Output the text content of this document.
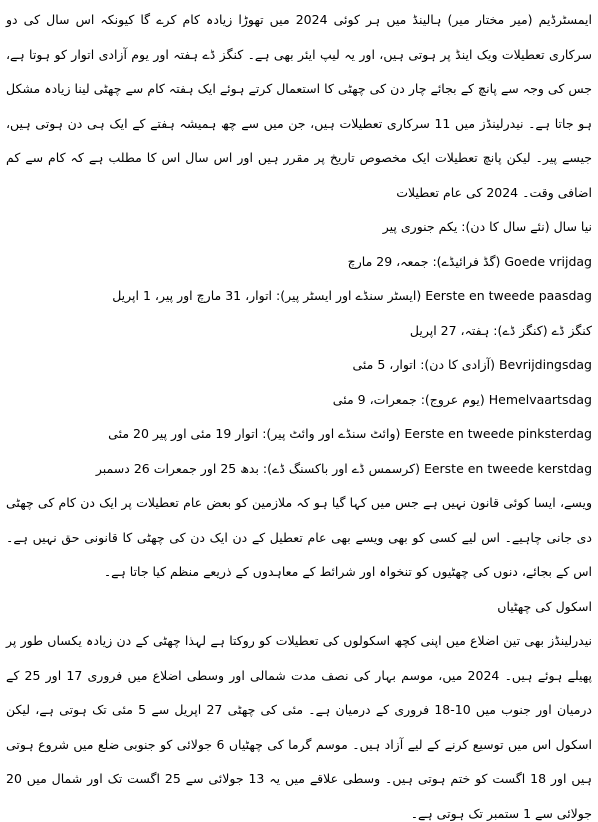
ایمسٹرڈیم (میر مختار میر) ہالینڈ میں ہر کوئی 2024 میں تھوڑا زیادہ کام کرے گا کیونکہ اس سال کی دو سرکاری تعطیلات ویک اینڈ پر ہوتی ہیں، اور یہ لیپ ایئر بھی ہے۔ کنگز ڈے ہفتہ اور یوم آزادی اتوار کو ہوتا ہے، جس کی وجہ سے پانچ کے بجائے چار دن کی چھٹی کا استعمال کرتے ہوئے ایک ہفتہ کام سے چھٹی لینا زیادہ مشکل ہو جاتا ہے۔ نیدرلینڈز میں 11 سرکاری تعطیلات ہیں، جن میں سے چھ ہمیشہ ہفتے کے ایک ہی دن ہوتی ہیں، جیسے پیر۔ لیکن پانچ تعطیلات ایک مخصوص تاریخ پر مقرر ہیں اور اس سال اس کا مطلب ہے کہ کام سے کم اضافی وقت۔ 2024 کی عام تعطیلات

نیا سال (نئے سال کا دن): یکم جنوری پیر

Goede vrijdag (گڈ فرائیڈے): جمعہ، 29 مارچ

Eerste en tweede paasdag (ایسٹر سنڈے اور ایسٹر پیر): اتوار، 31 مارچ اور پیر، 1 اپریل

کنگز ڈے (کنگز ڈے): ہفتہ، 27 اپریل

Bevrijdingsdag (آزادی کا دن): اتوار، 5 مئی

Hemelvaartsdag (یوم عروج): جمعرات، 9 مئی

Eerste en tweede pinksterdag (وائٹ سنڈے اور وائٹ پیر): اتوار 19 مئی اور پیر 20 مئی

Eerste en tweede kerstdag (کرسمس ڈے اور باکسنگ ڈے): بدھ 25 اور جمعرات 26 دسمبر

ویسے، ایسا کوئی قانون نہیں ہے جس میں کہا گیا ہو کہ ملازمین کو بعض عام تعطیلات پر ایک دن کام کی چھٹی دی جانی چاہیے۔ اس لیے کسی کو بھی ویسے بھی عام تعطیل کے دن ایک دن کی چھٹی کا قانونی حق نہیں ہے۔ اس کے بجائے، دنوں کی چھٹیوں کو تنخواہ اور شرائط کے معاہدوں کے ذریعے منظم کیا جاتا ہے۔

اسکول کی چھٹیاں

نیدرلینڈز بھی تین اضلاع میں اپنی کچھ اسکولوں کی تعطیلات کو روکتا ہے لہذا چھٹی کے دن زیادہ یکساں طور پر پھیلے ہوئے ہیں۔ 2024 میں، موسم بہار کی نصف مدت شمالی اور وسطی اضلاع میں فروری 17 اور 25 کے درمیان اور جنوب میں 10-18 فروری کے درمیان ہے۔ مئی کی چھٹی 27 اپریل سے 5 مئی تک ہوتی ہے، لیکن اسکول اس میں توسیع کرنے کے لیے آزاد ہیں۔ موسم گرما کی چھٹیاں 6 جولائی کو جنوبی ضلع میں شروع ہوتی ہیں اور 18 اگست کو ختم ہوتی ہیں۔ وسطی علاقے میں یہ 13 جولائی سے 25 اگست تک اور شمال میں 20 جولائی سے 1 ستمبر تک ہوتی ہے۔
